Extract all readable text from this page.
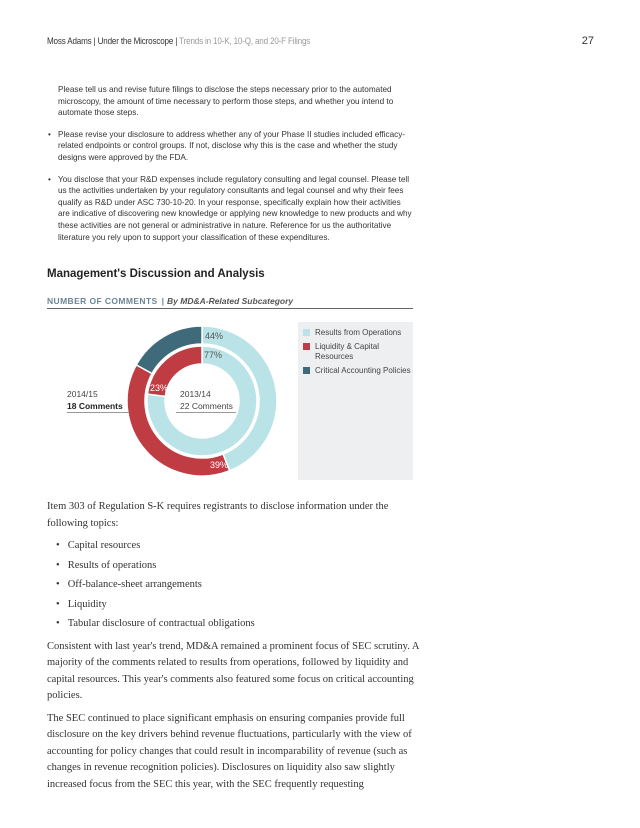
Moss Adams | Under the Microscope | Trends in 10-K, 10-Q, and 20-F Filings	27
Please tell us and revise future filings to disclose the steps necessary prior to the automated microscopy, the amount of time necessary to perform those steps, and whether you intend to automate those steps.
• Please revise your disclosure to address whether any of your Phase II studies included efficacy-related endpoints or control groups. If not, disclose why this is the case and whether the study designs were approved by the FDA.
• You disclose that your R&D expenses include regulatory consulting and legal counsel. Please tell us the activities undertaken by your regulatory consultants and legal counsel and why their fees qualify as R&D under ASC 730-10-20. In your response, specifically explain how their activities are indicative of discovering new knowledge or applying new knowledge to new products and why these activities are not general or administrative in nature. Reference for us the authoritative literature you rely upon to support your classification of these expenditures.
Management's Discussion and Analysis
NUMBER OF COMMENTS | By MD&A-Related Subcategory
44%
77%
17%
23%
39%
2014/15
18 Comments
2013/14
22 Comments
Results from Operations
Liquidity & Capital Resources
Critical Accounting Policies
Item 303 of Regulation S-K requires registrants to disclose information under the following topics:
• Capital resources
• Results of operations
• Off-balance-sheet arrangements
• Liquidity
• Tabular disclosure of contractual obligations
Consistent with last year's trend, MD&A remained a prominent focus of SEC scrutiny. A majority of the comments related to results from operations, followed by liquidity and capital resources. This year's comments also featured some focus on critical accounting policies.
The SEC continued to place significant emphasis on ensuring companies provide full disclosure on the key drivers behind revenue fluctuations, particularly with the view of accounting for policy changes that could result in incomparability of revenue (such as changes in revenue recognition policies). Disclosures on liquidity also saw slightly increased focus from the SEC this year, with the SEC frequently requesting
